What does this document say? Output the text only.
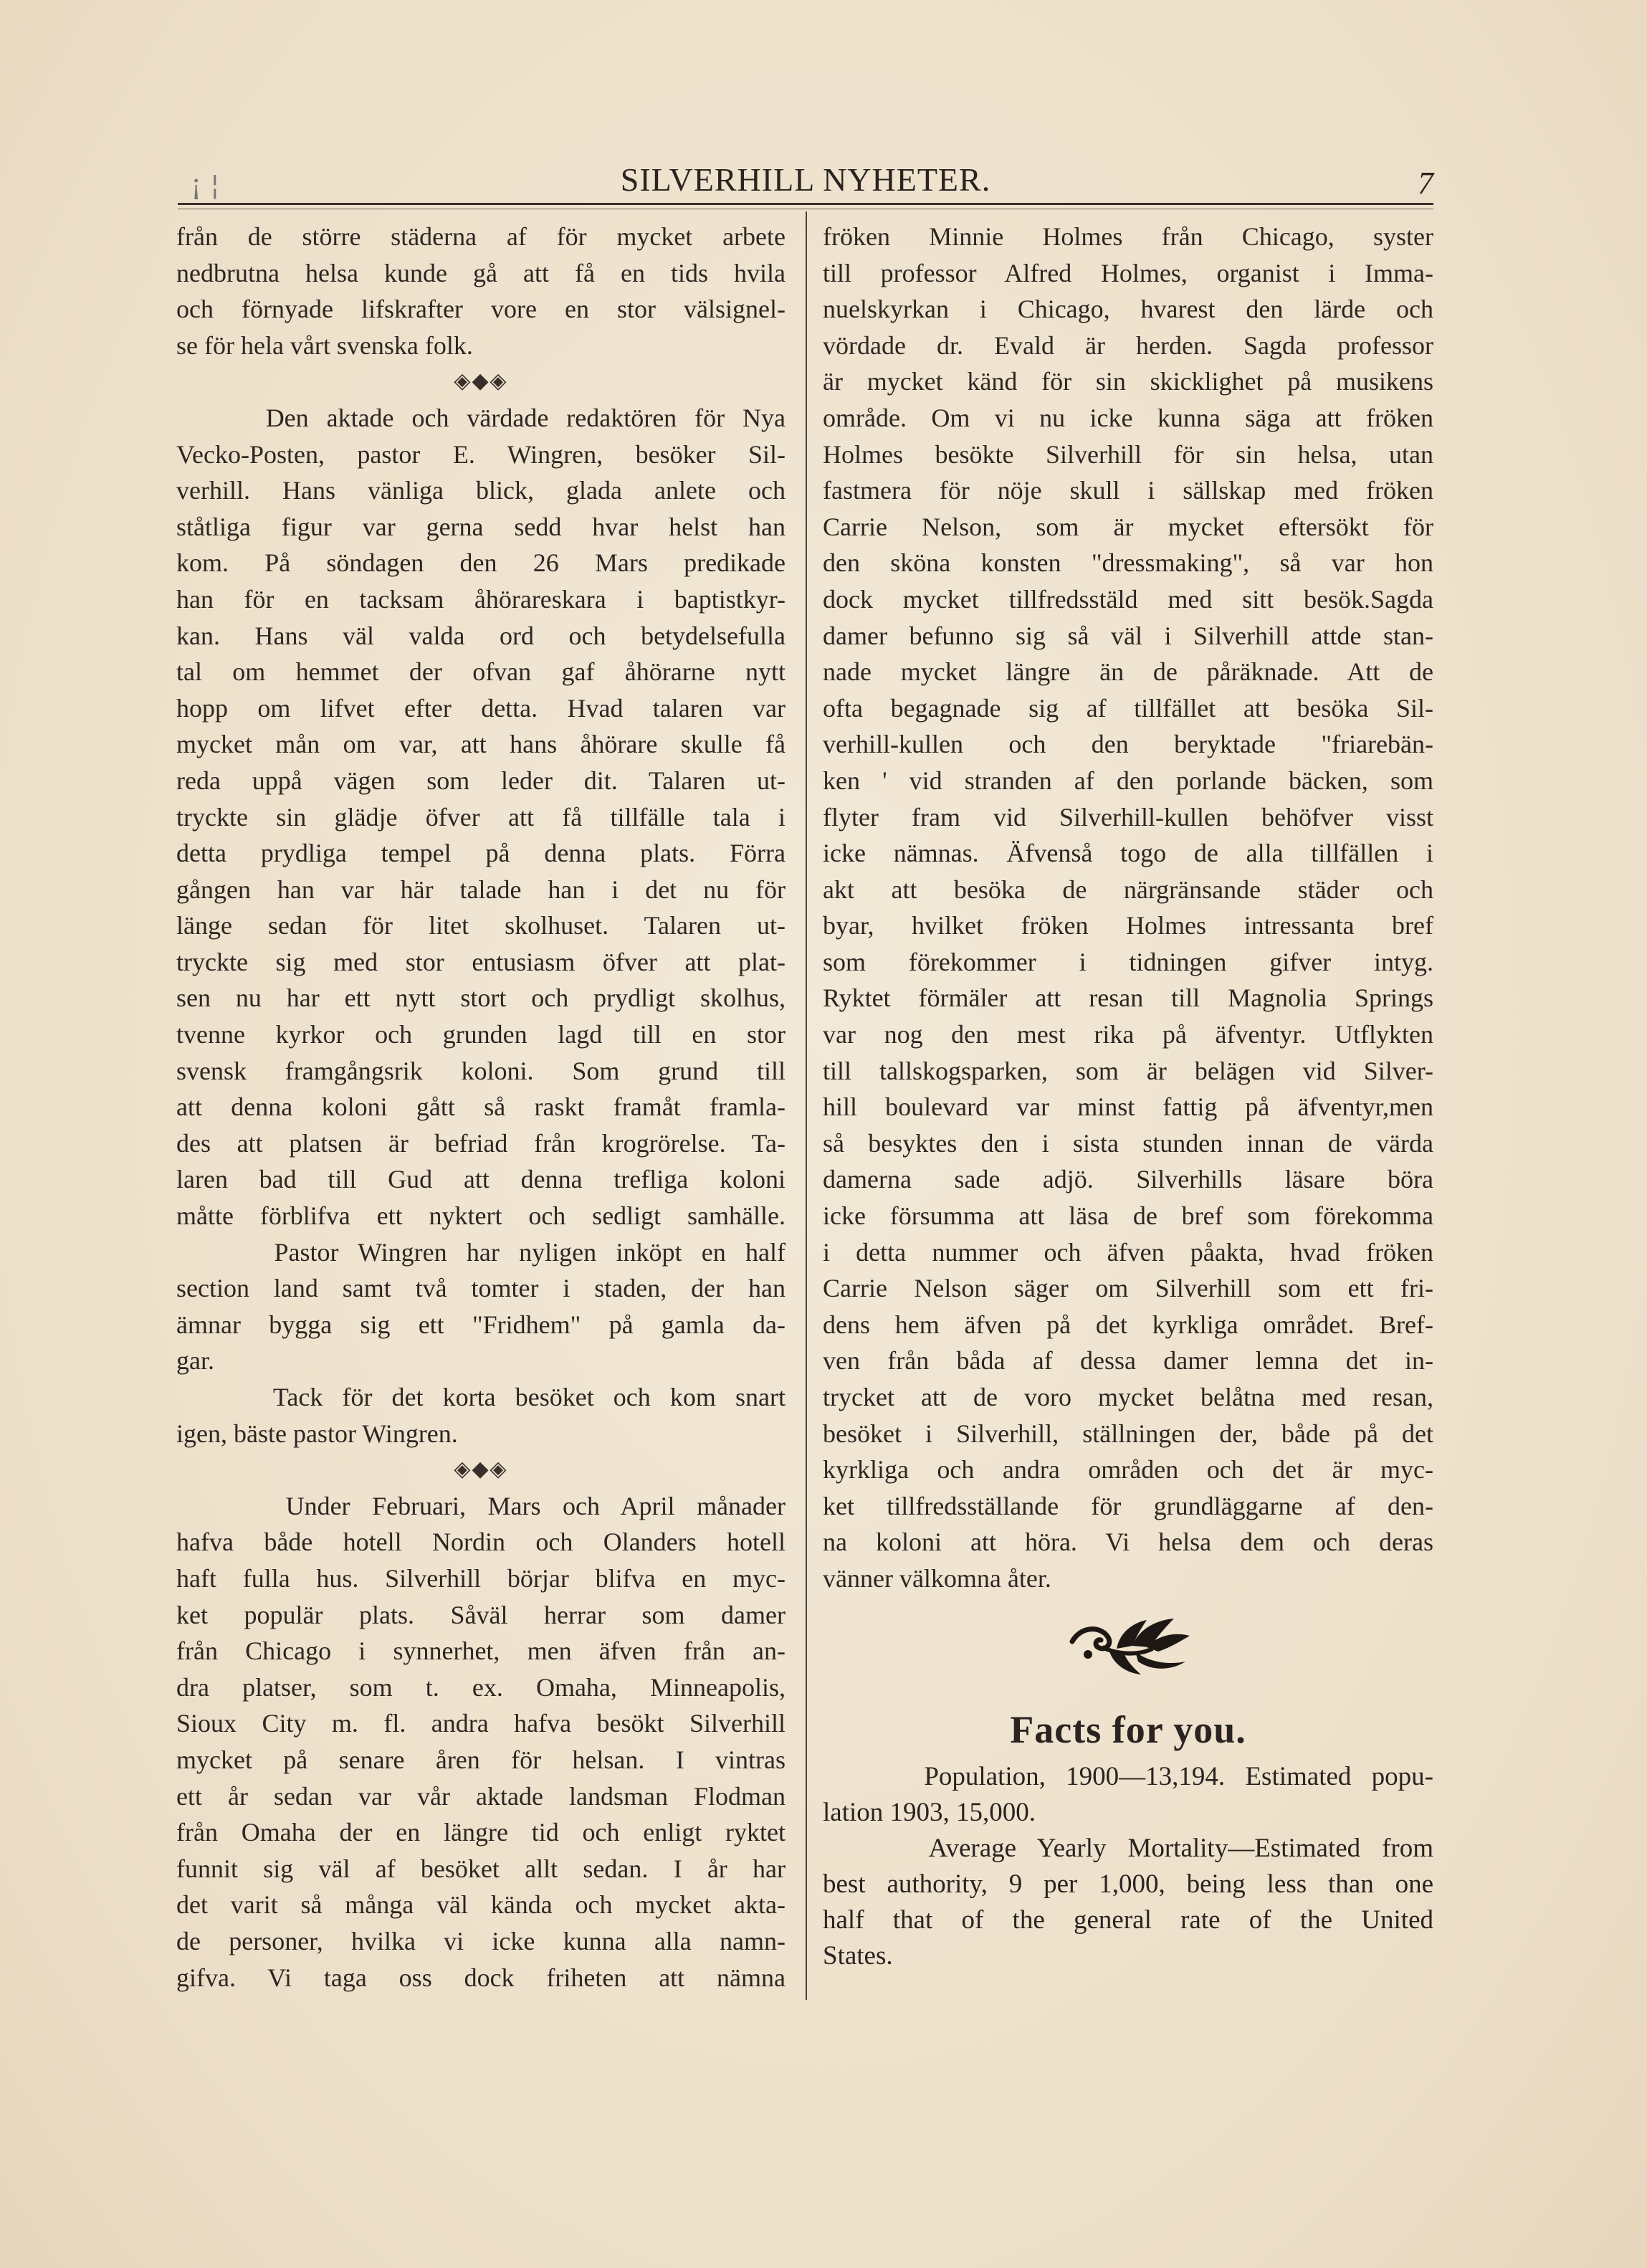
¡ ¦	SILVERHILL NYHETER.	7
från de större städerna af för mycket arbete
nedbrutna helsa kunde gå att få en tids hvila
och förnyade lifskrafter vore en stor välsignel-
se för hela vårt svenska folk.
◈◆◈
Den aktade och värdade redaktören för Nya
Vecko-Posten, pastor E. Wingren, besöker Sil-
verhill. Hans vänliga blick, glada anlete och
ståtliga figur var gerna sedd hvar helst han
kom. På söndagen den 26 Mars predikade
han för en tacksam åhörareskara i baptistkyr-
kan. Hans väl valda ord och betydelsefulla
tal om hemmet der ofvan gaf åhörarne nytt
hopp om lifvet efter detta. Hvad talaren var
mycket mån om var, att hans åhörare skulle få
reda uppå vägen som leder dit. Talaren ut-
tryckte sin glädje öfver att få tillfälle tala i
detta prydliga tempel på denna plats. Förra
gången han var här talade han i det nu för
länge sedan för litet skolhuset. Talaren ut-
tryckte sig med stor entusiasm öfver att plat-
sen nu har ett nytt stort och prydligt skolhus,
tvenne kyrkor och grunden lagd till en stor
svensk framgångsrik koloni. Som grund till
att denna koloni gått så raskt framåt framla-
des att platsen är befriad från krogrörelse. Ta-
laren bad till Gud att denna trefliga koloni
måtte förblifva ett nyktert och sedligt samhälle.
Pastor Wingren har nyligen inköpt en half
section land samt två tomter i staden, der han
ämnar bygga sig ett "Fridhem" på gamla da-
gar.
Tack för det korta besöket och kom snart
igen, bäste pastor Wingren.
◈◆◈
Under Februari, Mars och April månader
hafva både hotell Nordin och Olanders hotell
haft fulla hus. Silverhill börjar blifva en myc-
ket populär plats. Såväl herrar som damer
från Chicago i synnerhet, men äfven från an-
dra platser, som t. ex. Omaha, Minneapolis,
Sioux City m. fl. andra hafva besökt Silverhill
mycket på senare åren för helsan. I vintras
ett år sedan var vår aktade landsman Flodman
från Omaha der en längre tid och enligt ryktet
funnit sig väl af besöket allt sedan. I år har
det varit så många väl kända och mycket akta-
de personer, hvilka vi icke kunna alla namn-
gifva. Vi taga oss dock friheten att nämna
fröken Minnie Holmes från Chicago, syster
till professor Alfred Holmes, organist i Imma-
nuelskyrkan i Chicago, hvarest den lärde och
vördade dr. Evald är herden. Sagda professor
är mycket känd för sin skicklighet på musikens
område. Om vi nu icke kunna säga att fröken
Holmes besökte Silverhill för sin helsa, utan
fastmera för nöje skull i sällskap med fröken
Carrie Nelson, som är mycket eftersökt för
den sköna konsten "dressmaking", så var hon
dock mycket tillfredsstäld med sitt besök.Sagda
damer befunno sig så väl i Silverhill attde stan-
nade mycket längre än de påräknade. Att de
ofta begagnade sig af tillfället att besöka Sil-
verhill-kullen och den beryktade "friarebän-
ken ' vid stranden af den porlande bäcken, som
flyter fram vid Silverhill-kullen behöfver visst
icke nämnas. Äfvenså togo de alla tillfällen i
akt att besöka de närgränsande städer och
byar, hvilket fröken Holmes intressanta bref
som förekommer i tidningen gifver intyg.
Ryktet förmäler att resan till Magnolia Springs
var nog den mest rika på äfventyr. Utflykten
till tallskogsparken, som är belägen vid Silver-
hill boulevard var minst fattig på äfventyr,men
så besyktes den i sista stunden innan de värda
damerna sade adjö. Silverhills läsare böra
icke försumma att läsa de bref som förekomma
i detta nummer och äfven påakta, hvad fröken
Carrie Nelson säger om Silverhill som ett fri-
dens hem äfven på det kyrkliga området. Bref-
ven från båda af dessa damer lemna det in-
trycket att de voro mycket belåtna med resan,
besöket i Silverhill, ställningen der, både på det
kyrkliga och andra områden och det är myc-
ket tillfredsställande för grundläggarne af den-
na koloni att höra. Vi helsa dem och deras
vänner välkomna åter.
Facts for you.
Population, 1900—13,194. Estimated popu-
lation 1903, 15,000.
Average Yearly Mortality—Estimated from
best authority, 9 per 1,000, being less than one
half that of the general rate of the United
States.
